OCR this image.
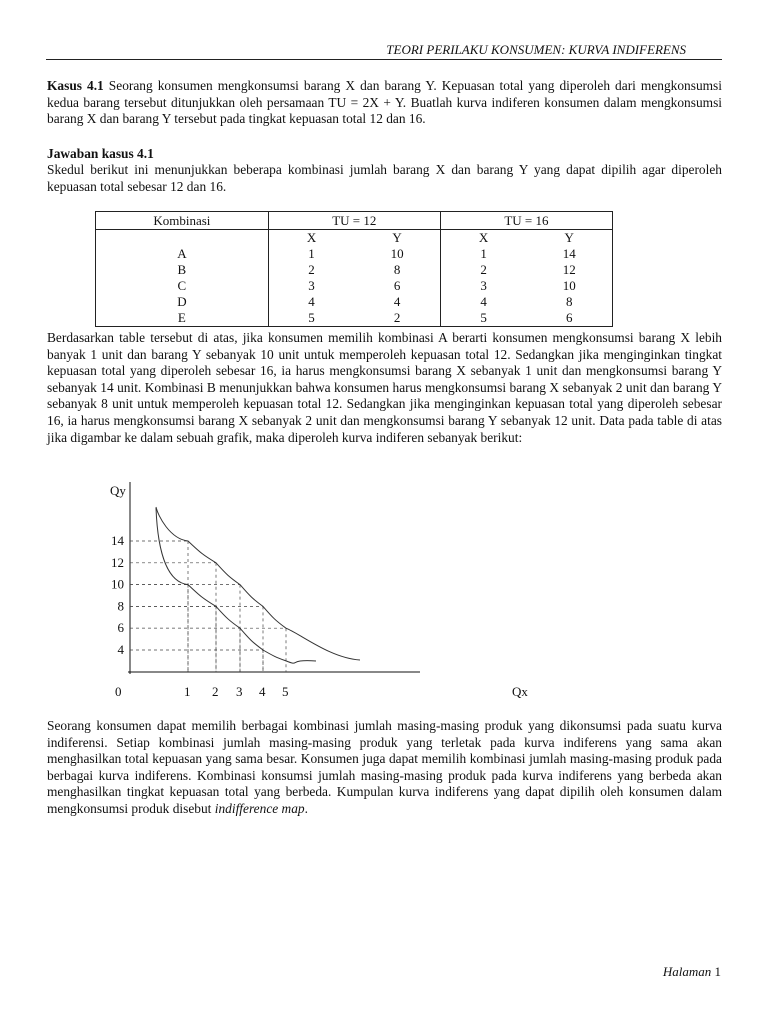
TEORI PERILAKU KONSUMEN: KURVA INDIFERENS

Kasus 4.1 Seorang konsumen mengkonsumsi barang X dan barang Y. Kepuasan total yang diperoleh dari mengkonsumsi kedua barang tersebut ditunjukkan oleh persamaan TU = 2X + Y. Buatlah kurva indiferen konsumen dalam mengkonsumsi barang X dan barang Y tersebut pada tingkat kepuasan total 12 dan 16.

Jawaban kasus 4.1

Skedul berikut ini menunjukkan beberapa kombinasi jumlah barang X dan barang Y yang dapat dipilih agar diperoleh kepuasan total sebesar 12 dan 16.

Kombinasi	TU = 12		TU = 16	
	X	Y	X	Y
A	1	10	1	14
B	2	8	2	12
C	3	6	3	10
D	4	4	4	8
E	5	2	5	6

Berdasarkan table tersebut di atas, jika konsumen memilih kombinasi A berarti konsumen mengkonsumsi barang X lebih banyak 1 unit dan barang Y sebanyak 10 unit untuk memperoleh kepuasan total 12. Sedangkan jika menginginkan tingkat kepuasan total yang diperoleh sebesar 16, ia harus mengkonsumsi barang X sebanyak 1 unit dan mengkonsumsi barang Y sebanyak 14 unit. Kombinasi B menunjukkan bahwa konsumen harus mengkonsumsi barang X sebanyak 2 unit dan barang Y sebanyak 8 unit untuk memperoleh kepuasan total 12. Sedangkan jika menginginkan kepuasan total yang diperoleh sebesar 16, ia harus mengkonsumsi barang X sebanyak 2 unit dan mengkonsumsi barang Y sebanyak 12 unit. Data pada table di atas jika digambar ke dalam sebuah grafik, maka diperoleh kurva indiferen sebanyak berikut:

Qy
Qx
0	1 2 3 4 5
14
12
10
8
6
4

Seorang konsumen dapat memilih berbagai kombinasi jumlah masing-masing produk yang dikonsumsi pada suatu kurva indiferensi. Setiap kombinasi jumlah masing-masing produk yang terletak pada kurva indiferens yang sama akan menghasilkan total kepuasan yang sama besar. Konsumen juga dapat memilih kombinasi jumlah masing-masing produk pada berbagai kurva indiferens. Kombinasi konsumsi jumlah masing-masing produk pada kurva indiferens yang berbeda akan menghasilkan tingkat kepuasan total yang berbeda. Kumpulan kurva indiferens yang dapat dipilih oleh konsumen dalam mengkonsumsi produk disebut indifference map.

Halaman 1
